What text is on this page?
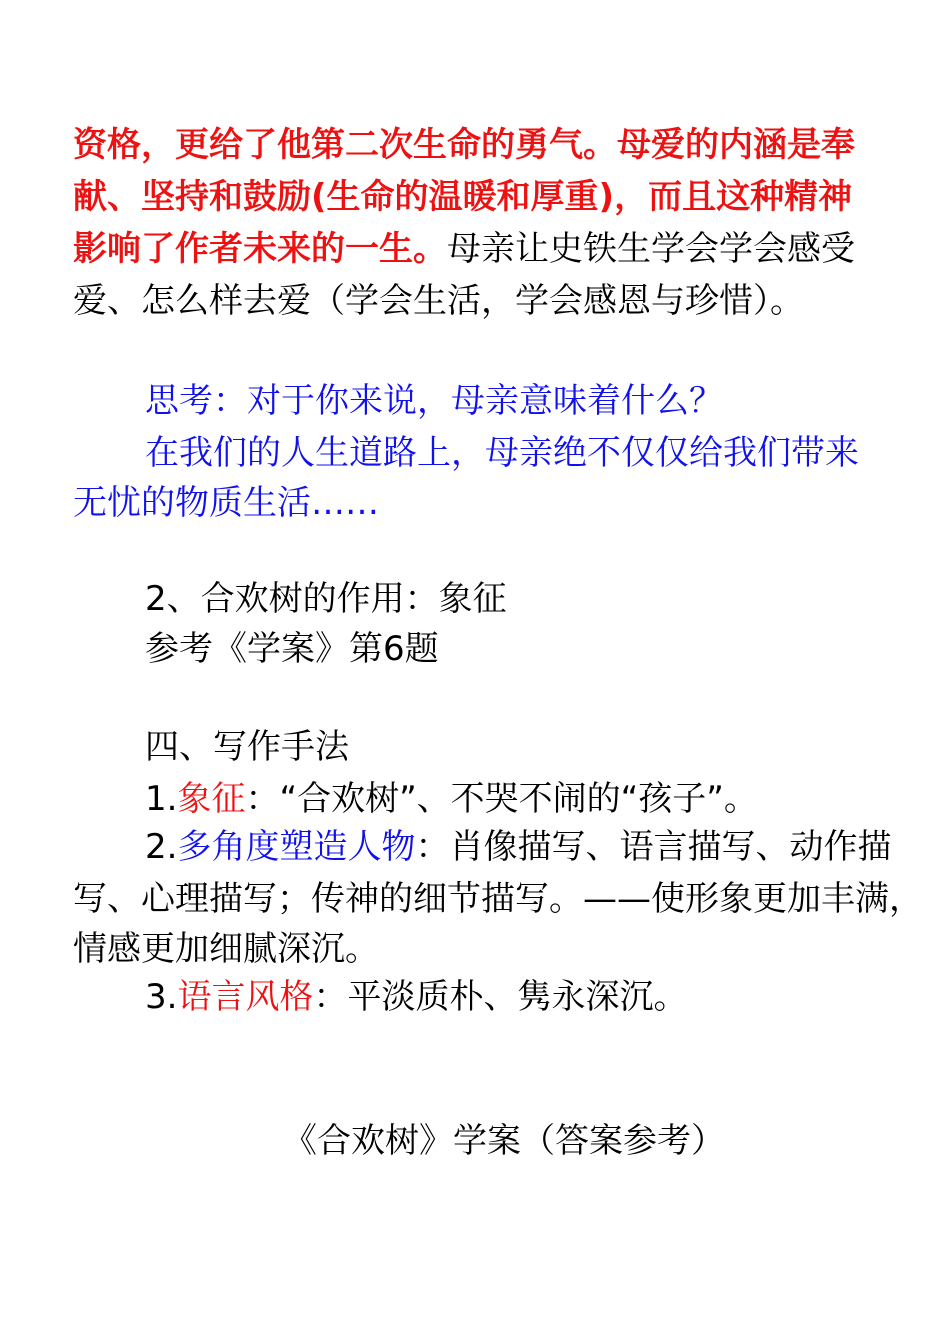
资格，更给了他第二次生命的勇气。母爱的内涵是奉
献、坚持和鼓励(生命的温暖和厚重)，而且这种精神
影响了作者未来的一生。母亲让史铁生学会学会感受
爱、怎么样去爱（学会生活，学会感恩与珍惜）。
思考：对于你来说，母亲意味着什么？
在我们的人生道路上，母亲绝不仅仅给我们带来
无忧的物质生活……
2、合欢树的作用：象征
参考《学案》第6题
四、写作手法
1.象征：“合欢树”、不哭不闹的“孩子”。
2.多角度塑造人物：肖像描写、语言描写、动作描
写、心理描写；传神的细节描写。——使形象更加丰满，
情感更加细腻深沉。
3.语言风格：平淡质朴、隽永深沉。
《合欢树》学案（答案参考）
